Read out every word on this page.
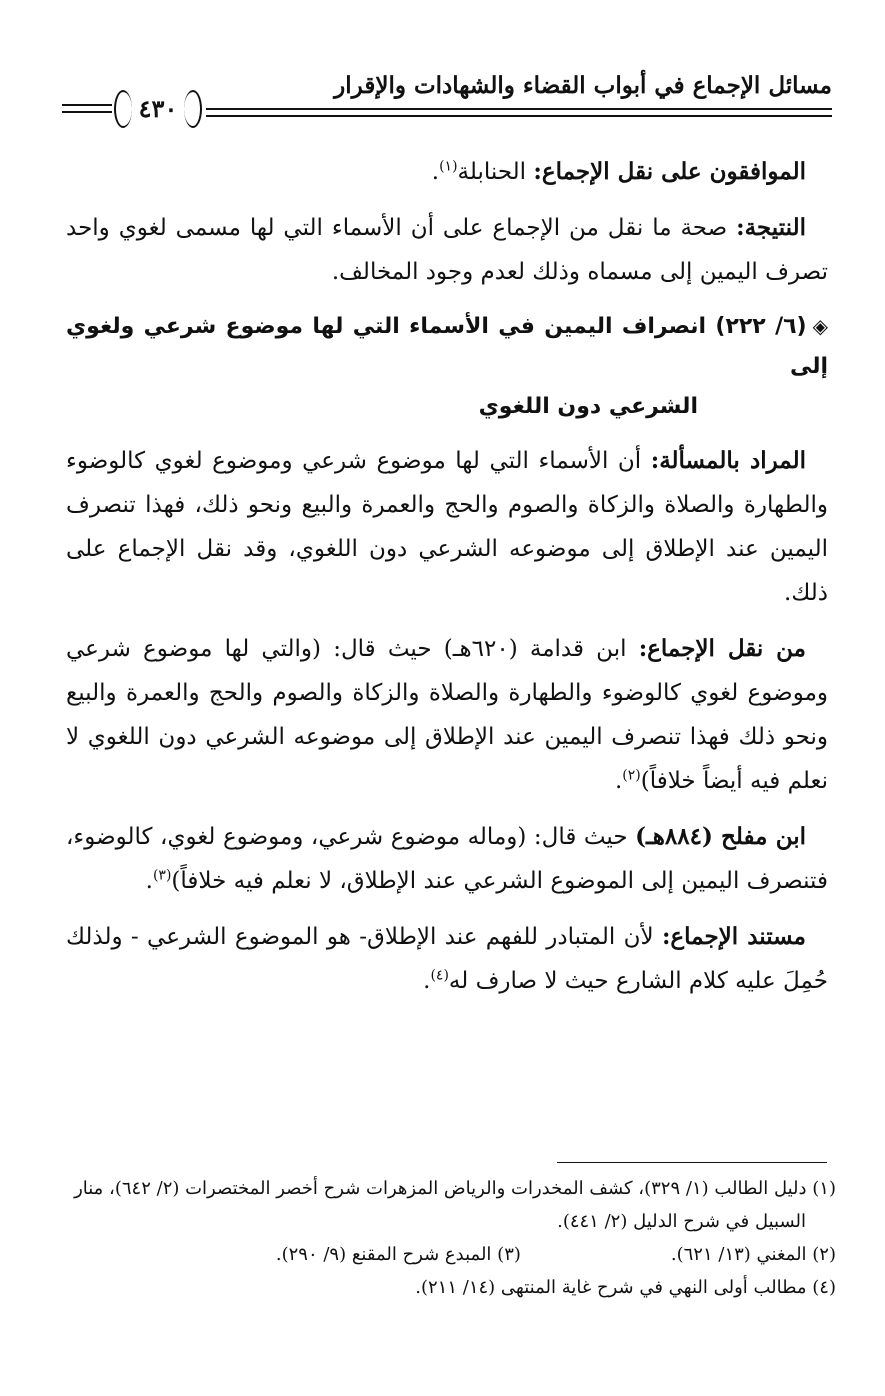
مسائل الإجماع في أبواب القضاء والشهادات والإقرار
٤٣٠

الموافقون على نقل الإجماع: الحنابلة$^{(١)}$.

النتيجة: صحة ما نقل من الإجماع على أن الأسماء التي لها مسمى لغوي واحد تصرف اليمين إلى مسماه وذلك لعدم وجود المخالف.

◈(٦/ ٢٢٢) انصراف اليمين في الأسماء التي لها موضوع شرعي ولغوي إلى
الشرعي دون اللغوي

المراد بالمسألة: أن الأسماء التي لها موضوع شرعي وموضوع لغوي كالوضوء والطهارة والصلاة والزكاة والصوم والحج والعمرة والبيع ونحو ذلك، فهذا تنصرف اليمين عند الإطلاق إلى موضوعه الشرعي دون اللغوي، وقد نقل الإجماع على ذلك.

من نقل الإجماع: ابن قدامة (٦٢٠هـ) حيث قال: (والتي لها موضوع شرعي وموضوع لغوي كالوضوء والطهارة والصلاة والزكاة والصوم والحج والعمرة والبيع ونحو ذلك فهذا تنصرف اليمين عند الإطلاق إلى موضوعه الشرعي دون اللغوي لا نعلم فيه أيضاً خلافاً)$^{(٢)}$.

ابن مفلح (٨٨٤هـ) حيث قال: (وماله موضوع شرعي، وموضوع لغوي، كالوضوء، فتنصرف اليمين إلى الموضوع الشرعي عند الإطلاق، لا نعلم فيه خلافاً)$^{(٣)}$.

مستند الإجماع: لأن المتبادر للفهم عند الإطلاق- هو الموضوع الشرعي - ولذلك حُمِلَ عليه كلام الشارع حيث لا صارف له$^{(٤)}$.

(١) دليل الطالب (١/ ٣٢٩)، كشف المخدرات والرياض المزهرات شرح أخصر المختصرات (٢/ ٦٤٢)، منار السبيل في شرح الدليل (٢/ ٤٤١).
(٢) المغني (١٣/ ٦٢١).
(٣) المبدع شرح المقنع (٩/ ٢٩٠).
(٤) مطالب أولى النهي في شرح غاية المنتهى (١٤/ ٢١١).
